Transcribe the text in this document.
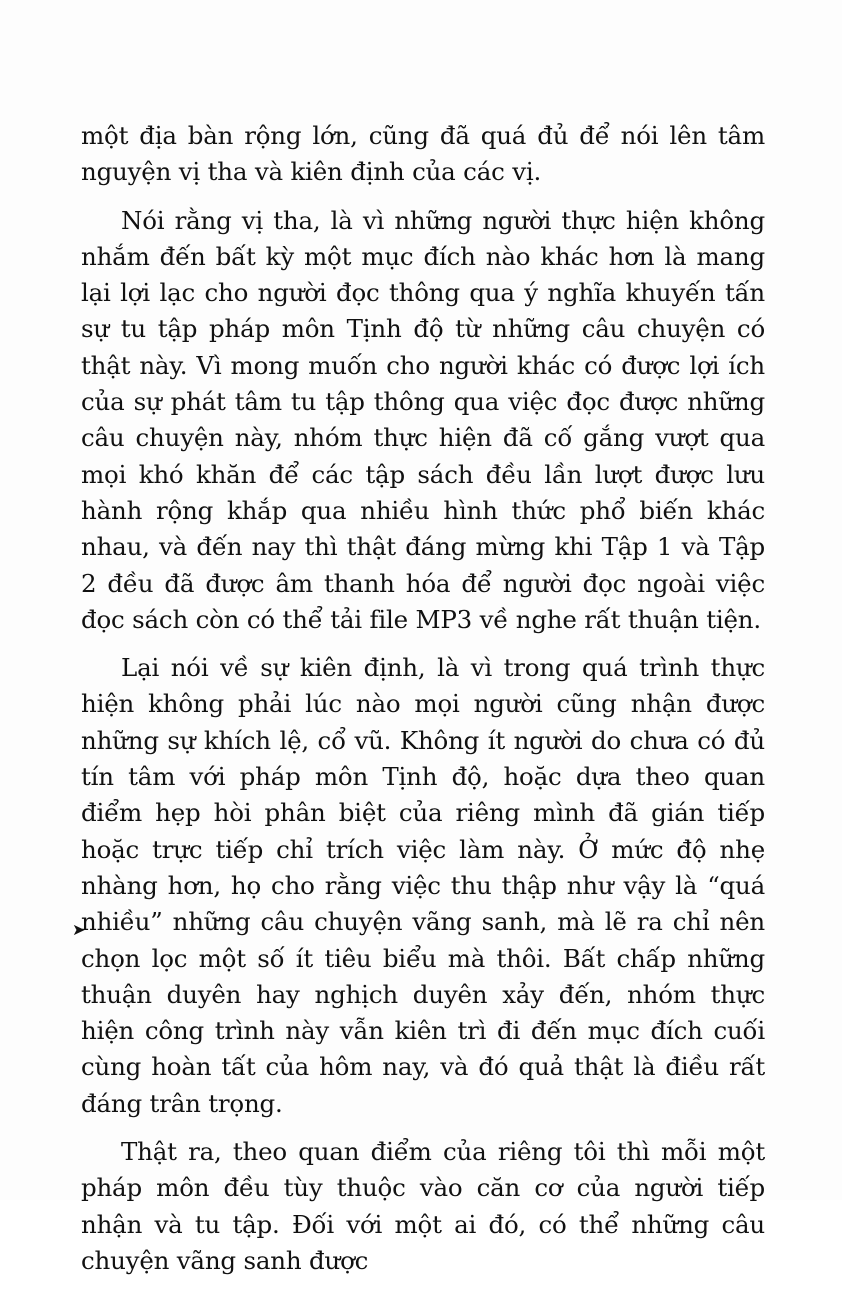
một địa bàn rộng lớn, cũng đã quá đủ để nói lên tâm nguyện vị tha và kiên định của các vị.

Nói rằng vị tha, là vì những người thực hiện không nhắm đến bất kỳ một mục đích nào khác hơn là mang lại lợi lạc cho người đọc thông qua ý nghĩa khuyến tấn sự tu tập pháp môn Tịnh độ từ những câu chuyện có thật này. Vì mong muốn cho người khác có được lợi ích của sự phát tâm tu tập thông qua việc đọc được những câu chuyện này, nhóm thực hiện đã cố gắng vượt qua mọi khó khăn để các tập sách đều lần lượt được lưu hành rộng khắp qua nhiều hình thức phổ biến khác nhau, và đến nay thì thật đáng mừng khi Tập 1 và Tập 2 đều đã được âm thanh hóa để người đọc ngoài việc đọc sách còn có thể tải file MP3 về nghe rất thuận tiện.

Lại nói về sự kiên định, là vì trong quá trình thực hiện không phải lúc nào mọi người cũng nhận được những sự khích lệ, cổ vũ. Không ít người do chưa có đủ tín tâm với pháp môn Tịnh độ, hoặc dựa theo quan điểm hẹp hòi phân biệt của riêng mình đã gián tiếp hoặc trực tiếp chỉ trích việc làm này. Ở mức độ nhẹ nhàng hơn, họ cho rằng việc thu thập như vậy là “quá nhiều” những câu chuyện vãng sanh, mà lẽ ra chỉ nên chọn lọc một số ít tiêu biểu mà thôi. Bất chấp những thuận duyên hay nghịch duyên xảy đến, nhóm thực hiện công trình này vẫn kiên trì đi đến mục đích cuối cùng hoàn tất của hôm nay, và đó quả thật là điều rất đáng trân trọng.

Thật ra, theo quan điểm của riêng tôi thì mỗi một pháp môn đều tùy thuộc vào căn cơ của người tiếp nhận và tu tập. Đối với một ai đó, có thể những câu chuyện vãng sanh được

➤
